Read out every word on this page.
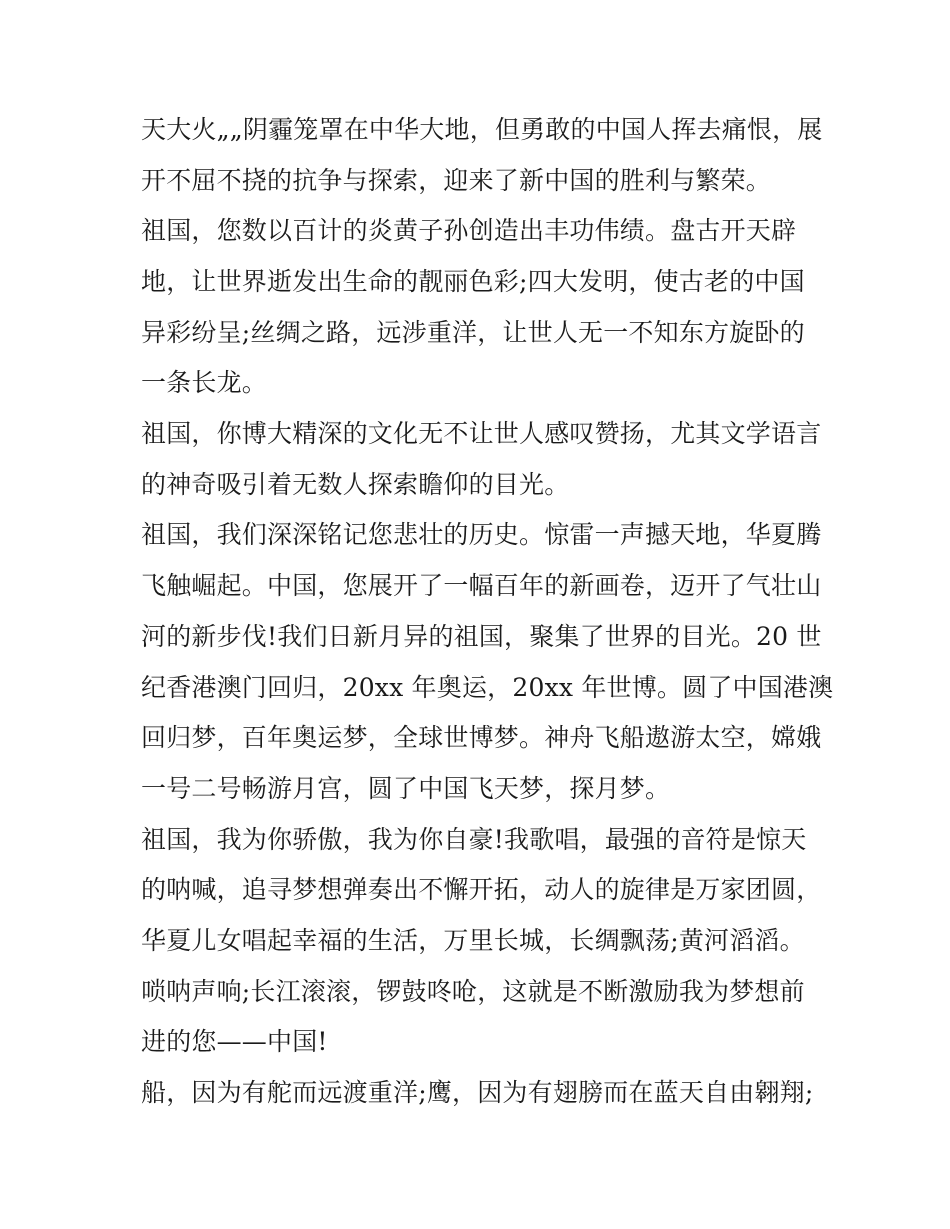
天大火„„阴霾笼罩在中华大地，但勇敢的中国人挥去痛恨，展
开不屈不挠的抗争与探索，迎来了新中国的胜利与繁荣。
祖国，您数以百计的炎黄子孙创造出丰功伟绩。盘古开天辟
地，让世界逝发出生命的靓丽色彩;四大发明，使古老的中国
异彩纷呈;丝绸之路，远涉重洋，让世人无一不知东方旋卧的
一条长龙。
祖国，你博大精深的文化无不让世人感叹赞扬，尤其文学语言
的神奇吸引着无数人探索瞻仰的目光。
祖国，我们深深铭记您悲壮的历史。惊雷一声撼天地，华夏腾
飞触崛起。中国，您展开了一幅百年的新画卷，迈开了气壮山
河的新步伐!我们日新月异的祖国，聚集了世界的目光。20 世
纪香港澳门回归，20xx 年奥运，20xx 年世博。圆了中国港澳
回归梦，百年奥运梦，全球世博梦。神舟飞船遨游太空，嫦娥
一号二号畅游月宫，圆了中国飞天梦，探月梦。
祖国，我为你骄傲，我为你自豪!我歌唱，最强的音符是惊天
的呐喊，追寻梦想弹奏出不懈开拓，动人的旋律是万家团圆，
华夏儿女唱起幸福的生活，万里长城，长绸飘荡;黄河滔滔。
唢呐声响;长江滚滚，锣鼓咚呛，这就是不断激励我为梦想前
进的您——中国!
船，因为有舵而远渡重洋;鹰，因为有翅膀而在蓝天自由翱翔;
